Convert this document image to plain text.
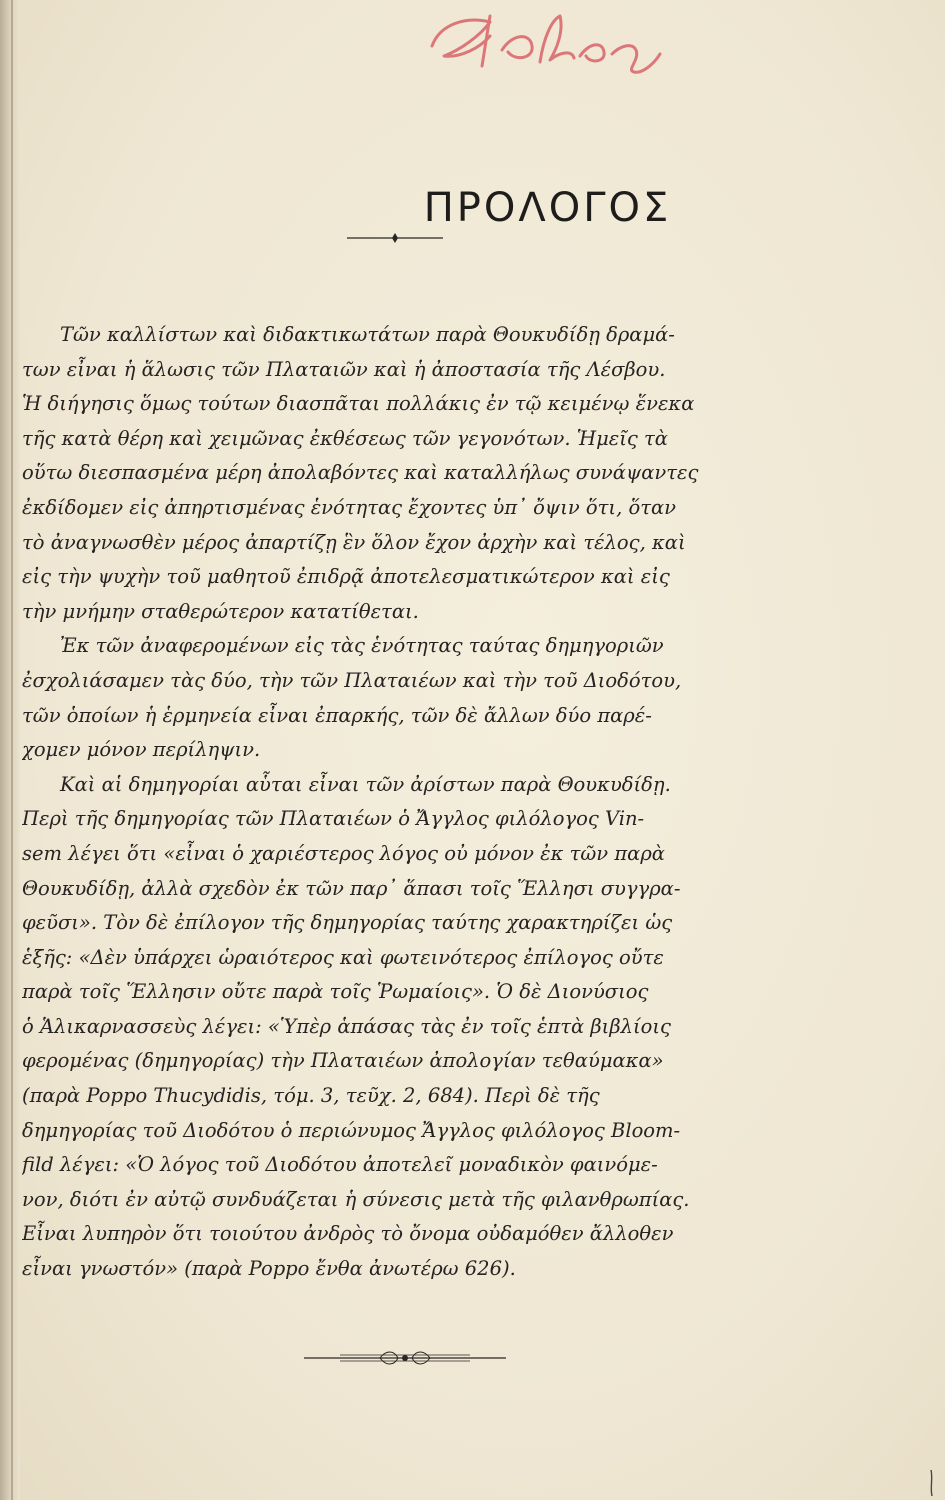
ΠΡΟΛΟΓΟΣ
Τῶν καλλίστων καὶ διδακτικωτάτων παρὰ Θουκυδίδῃ δραμά-
των εἶναι ἡ ἅλωσις τῶν Πλαταιῶν καὶ ἡ ἀποστασία τῆς Λέσβου.
Ἡ διήγησις ὅμως τούτων διασπᾶται πολλάκις ἐν τῷ κειμένῳ ἕνεκα
τῆς κατὰ θέρη καὶ χειμῶνας ἐκθέσεως τῶν γεγονότων. Ἡμεῖς τὰ
οὕτω διεσπασμένα μέρη ἀπολαβόντες καὶ καταλλήλως συνάψαντες
ἐκδίδομεν εἰς ἀπηρτισμένας ἑνότητας ἔχοντες ὑπ᾿ ὄψιν ὅτι, ὅταν
τὸ ἀναγνωσθὲν μέρος ἀπαρτίζῃ ἓν ὅλον ἔχον ἀρχὴν καὶ τέλος, καὶ
εἰς τὴν ψυχὴν τοῦ μαθητοῦ ἐπιδρᾷ ἀποτελεσματικώτερον καὶ εἰς
τὴν μνήμην σταθερώτερον κατατίθεται.
Ἐκ τῶν ἀναφερομένων εἰς τὰς ἑνότητας ταύτας δημηγοριῶν
ἐσχολιάσαμεν τὰς δύο, τὴν τῶν Πλαταιέων καὶ τὴν τοῦ Διοδότου,
τῶν ὁποίων ἡ ἑρμηνεία εἶναι ἐπαρκής, τῶν δὲ ἄλλων δύο παρέ-
χομεν μόνον περίληψιν.
Καὶ αἱ δημηγορίαι αὗται εἶναι τῶν ἀρίστων παρὰ Θουκυδίδῃ.
Περὶ τῆς δημηγορίας τῶν Πλαταιέων ὁ Ἄγγλος φιλόλογος Vin-
sem λέγει ὅτι «εἶναι ὁ χαριέστερος λόγος οὐ μόνον ἐκ τῶν παρὰ
Θουκυδίδῃ, ἀλλὰ σχεδὸν ἐκ τῶν παρ᾿ ἅπασι τοῖς Ἕλλησι συγγρα-
φεῦσι». Τὸν δὲ ἐπίλογον τῆς δημηγορίας ταύτης χαρακτηρίζει ὡς
ἑξῆς: «Δὲν ὑπάρχει ὡραιότερος καὶ φωτεινότερος ἐπίλογος οὔτε
παρὰ τοῖς Ἕλλησιν οὔτε παρὰ τοῖς Ῥωμαίοις». Ὁ δὲ Διονύσιος
ὁ Ἁλικαρνασσεὺς λέγει: «Ὑπὲρ ἁπάσας τὰς ἐν τοῖς ἑπτὰ βιβλίοις
φερομένας (δημηγορίας) τὴν Πλαταιέων ἀπολογίαν τεθαύμακα»
(παρὰ Poppo Thucydidis, τόμ. 3, τεῦχ. 2, 684). Περὶ δὲ τῆς
δημηγορίας τοῦ Διοδότου ὁ περιώνυμος Ἄγγλος φιλόλογος Bloom-
fild λέγει: «Ὁ λόγος τοῦ Διοδότου ἀποτελεῖ μοναδικὸν φαινόμε-
νον, διότι ἐν αὐτῷ συνδυάζεται ἡ σύνεσις μετὰ τῆς φιλανθρωπίας.
Εἶναι λυπηρὸν ὅτι τοιούτου ἀνδρὸς τὸ ὄνομα οὐδαμόθεν ἄλλοθεν
εἶναι γνωστόν» (παρὰ Poppo ἔνθα ἀνωτέρω 626).
